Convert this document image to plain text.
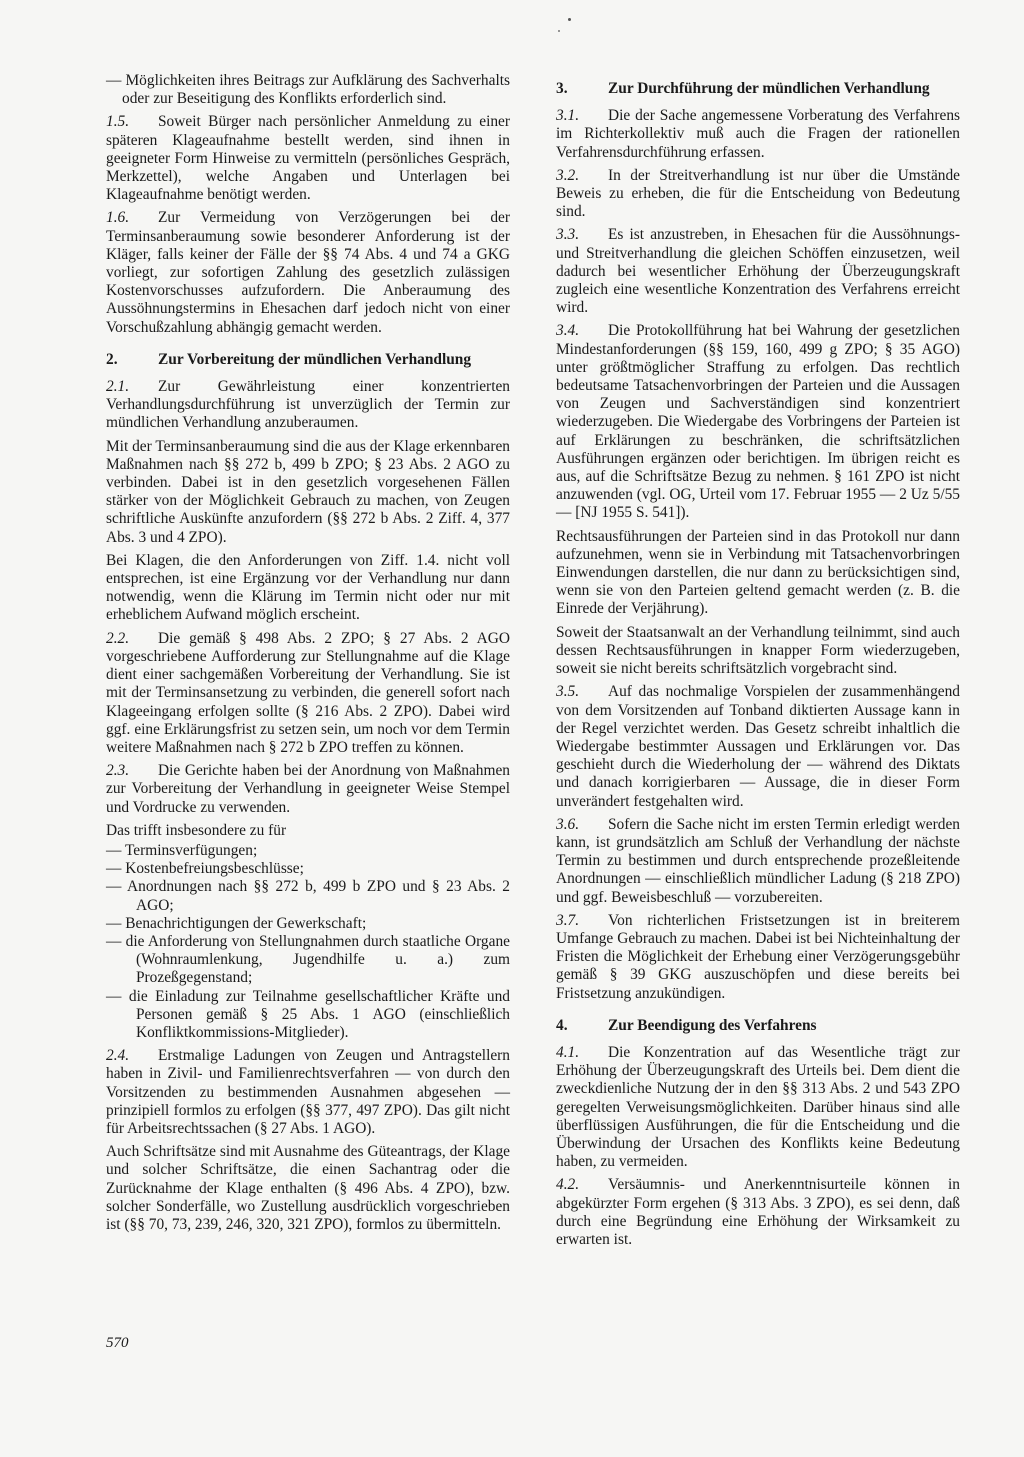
— Möglichkeiten ihres Beitrags zur Aufklärung des Sachverhalts oder zur Beseitigung des Konflikts erforderlich sind.

1.5. Soweit Bürger nach persönlicher Anmeldung zu einer späteren Klageaufnahme bestellt werden, sind ihnen in geeigneter Form Hinweise zu vermitteln (persönliches Gespräch, Merkzettel), welche Angaben und Unterlagen bei Klageaufnahme benötigt werden.

1.6. Zur Vermeidung von Verzögerungen bei der Terminsanberaumung sowie besonderer Anforderung ist der Kläger, falls keiner der Fälle der §§ 74 Abs. 4 und 74 a GKG vorliegt, zur sofortigen Zahlung des gesetzlich zulässigen Kostenvorschusses aufzufordern. Die Anberaumung des Aussöhnungstermins in Ehesachen darf jedoch nicht von einer Vorschußzahlung abhängig gemacht werden.

2.	Zur Vorbereitung der mündlichen Verhandlung

2.1. Zur Gewährleistung einer konzentrierten Verhandlungsdurchführung ist unverzüglich der Termin zur mündlichen Verhandlung anzuberaumen.

Mit der Terminsanberaumung sind die aus der Klage erkennbaren Maßnahmen nach §§ 272 b, 499 b ZPO; § 23 Abs. 2 AGO zu verbinden. Dabei ist in den gesetzlich vorgesehenen Fällen stärker von der Möglichkeit Gebrauch zu machen, von Zeugen schriftliche Auskünfte anzufordern (§§ 272 b Abs. 2 Ziff. 4, 377 Abs. 3 und 4 ZPO).

Bei Klagen, die den Anforderungen von Ziff. 1.4. nicht voll entsprechen, ist eine Ergänzung vor der Verhandlung nur dann notwendig, wenn die Klärung im Termin nicht oder nur mit erheblichem Aufwand möglich erscheint.

2.2. Die gemäß § 498 Abs. 2 ZPO; § 27 Abs. 2 AGO vorgeschriebene Aufforderung zur Stellungnahme auf die Klage dient einer sachgemäßen Vorbereitung der Verhandlung. Sie ist mit der Terminsansetzung zu verbinden, die generell sofort nach Klageeingang erfolgen sollte (§ 216 Abs. 2 ZPO). Dabei wird ggf. eine Erklärungsfrist zu setzen sein, um noch vor dem Termin weitere Maßnahmen nach § 272 b ZPO treffen zu können.

2.3. Die Gerichte haben bei der Anordnung von Maßnahmen zur Vorbereitung der Verhandlung in geeigneter Weise Stempel und Vordrucke zu verwenden.

Das trifft insbesondere zu für

— Terminsverfügungen;
— Kostenbefreiungsbeschlüsse;
— Anordnungen nach §§ 272 b, 499 b ZPO und § 23 Abs. 2 AGO;
— Benachrichtigungen der Gewerkschaft;
— die Anforderung von Stellungnahmen durch staatliche Organe (Wohnraumlenkung, Jugendhilfe u. a.) zum Prozeßgegenstand;
— die Einladung zur Teilnahme gesellschaftlicher Kräfte und Personen gemäß § 25 Abs. 1 AGO (einschließlich Konfliktkommissions-Mitglieder).

2.4. Erstmalige Ladungen von Zeugen und Antragstellern haben in Zivil- und Familienrechtsverfahren — von durch den Vorsitzenden zu bestimmenden Ausnahmen abgesehen — prinzipiell formlos zu erfolgen (§§ 377, 497 ZPO). Das gilt nicht für Arbeitsrechtssachen (§ 27 Abs. 1 AGO).

Auch Schriftsätze sind mit Ausnahme des Güteantrags, der Klage und solcher Schriftsätze, die einen Sachantrag oder die Zurücknahme der Klage enthalten (§ 496 Abs. 4 ZPO), bzw. solcher Sonderfälle, wo Zustellung ausdrücklich vorgeschrieben ist (§§ 70, 73, 239, 246, 320, 321 ZPO), formlos zu übermitteln.

3.	Zur Durchführung der mündlichen Verhandlung

3.1. Die der Sache angemessene Vorberatung des Verfahrens im Richterkollektiv muß auch die Fragen der rationellen Verfahrensdurchführung erfassen.

3.2. In der Streitverhandlung ist nur über die Umstände Beweis zu erheben, die für die Entscheidung von Bedeutung sind.

3.3. Es ist anzustreben, in Ehesachen für die Aussöhnungs- und Streitverhandlung die gleichen Schöffen einzusetzen, weil dadurch bei wesentlicher Erhöhung der Überzeugungskraft zugleich eine wesentliche Konzentration des Verfahrens erreicht wird.

3.4. Die Protokollführung hat bei Wahrung der gesetzlichen Mindestanforderungen (§§ 159, 160, 499 g ZPO; § 35 AGO) unter größtmöglicher Straffung zu erfolgen. Das rechtlich bedeutsame Tatsachenvorbringen der Parteien und die Aussagen von Zeugen und Sachverständigen sind konzentriert wiederzugeben. Die Wiedergabe des Vorbringens der Parteien ist auf Erklärungen zu beschränken, die schriftsätzlichen Ausführungen ergänzen oder berichtigen. Im übrigen reicht es aus, auf die Schriftsätze Bezug zu nehmen. § 161 ZPO ist nicht anzuwenden (vgl. OG, Urteil vom 17. Februar 1955 — 2 Uz 5/55 — [NJ 1955 S. 541]).

Rechtsausführungen der Parteien sind in das Protokoll nur dann aufzunehmen, wenn sie in Verbindung mit Tatsachenvorbringen Einwendungen darstellen, die nur dann zu berücksichtigen sind, wenn sie von den Parteien geltend gemacht werden (z. B. die Einrede der Verjährung).

Soweit der Staatsanwalt an der Verhandlung teilnimmt, sind auch dessen Rechtsausführungen in knapper Form wiederzugeben, soweit sie nicht bereits schriftsätzlich vorgebracht sind.

3.5. Auf das nochmalige Vorspielen der zusammenhängend von dem Vorsitzenden auf Tonband diktierten Aussage kann in der Regel verzichtet werden. Das Gesetz schreibt inhaltlich die Wiedergabe bestimmter Aussagen und Erklärungen vor. Das geschieht durch die Wiederholung der — während des Diktats und danach korrigierbaren — Aussage, die in dieser Form unverändert festgehalten wird.

3.6. Sofern die Sache nicht im ersten Termin erledigt werden kann, ist grundsätzlich am Schluß der Verhandlung der nächste Termin zu bestimmen und durch entsprechende prozeßleitende Anordnungen — einschließlich mündlicher Ladung (§ 218 ZPO) und ggf. Beweisbeschluß — vorzubereiten.

3.7. Von richterlichen Fristsetzungen ist in breiterem Umfange Gebrauch zu machen. Dabei ist bei Nichteinhaltung der Fristen die Möglichkeit der Erhebung einer Verzögerungsgebühr gemäß § 39 GKG auszuschöpfen und diese bereits bei Fristsetzung anzukündigen.

4.	Zur Beendigung des Verfahrens

4.1. Die Konzentration auf das Wesentliche trägt zur Erhöhung der Überzeugungskraft des Urteils bei. Dem dient die zweckdienliche Nutzung der in den §§ 313 Abs. 2 und 543 ZPO geregelten Verweisungsmöglichkeiten. Darüber hinaus sind alle überflüssigen Ausführungen, die für die Entscheidung und die Überwindung der Ursachen des Konflikts keine Bedeutung haben, zu vermeiden.

4.2. Versäumnis- und Anerkenntnisurteile können in abgekürzter Form ergehen (§ 313 Abs. 3 ZPO), es sei denn, daß durch eine Begründung eine Erhöhung der Wirksamkeit zu erwarten ist.

570
